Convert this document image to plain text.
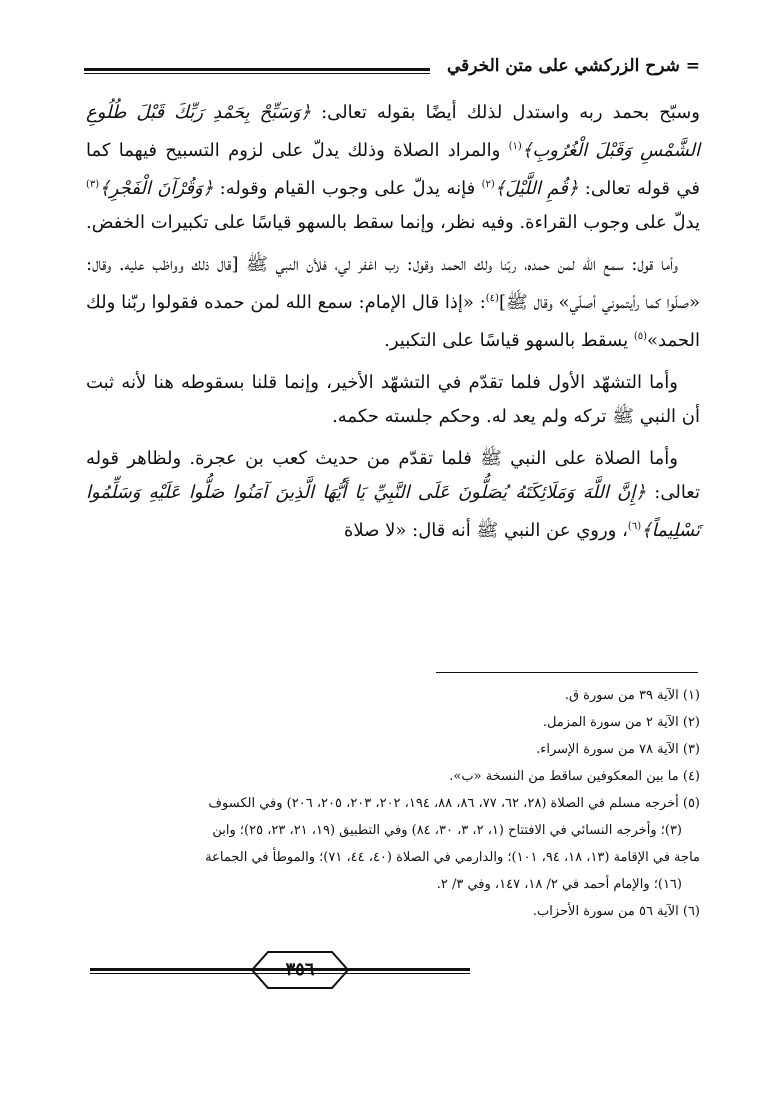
= شرح الزركشي على متن الخرقي

وسبّح بحمد ربه واستدل لذلك أيضًا بقوله تعالى: ﴿وَسَبِّحْ بِحَمْدِ رَبِّكَ قَبْلَ طُلُوعِ الشَّمْسِ وَقَبْلَ الْغُرُوبِ﴾$^{(١)}$ والمراد الصلاة وذلك يدلّ على لزوم التسبيح فيهما كما في قوله تعالى: ﴿قُمِ اللَّيْلَ﴾$^{(٢)}$ فإنه يدلّ على وجوب القيام وقوله: ﴿وَقُرْآنَ الْفَجْرِ﴾$^{(٣)}$ يدلّ على وجوب القراءة. وفيه نظر، وإنما سقط بالسهو قياسًا على تكبيرات الخفض.

وأما قول: سمع الله لمن حمده، ربّنا ولك الحمد وقول: رب اغفر لي، فلأن النبي ﷺ [قال ذلك وواظب عليه. وقال: «صلّوا كما رأيتموني أصلّي» وقال ﷺ]$^{(٤)}$: «إذا قال الإمام: سمع الله لمن حمده فقولوا ربّنا ولك الحمد»$^{(٥)}$ يسقط بالسهو قياسًا على التكبير.

وأما التشهّد الأول فلما تقدّم في التشهّد الأخير، وإنما قلنا بسقوطه هنا لأنه ثبت أن النبي ﷺ تركه ولم يعد له. وحكم جلسته حكمه.

وأما الصلاة على النبي ﷺ فلما تقدّم من حديث كعب بن عجرة. ولظاهر قوله تعالى: ﴿إِنَّ اللَّهَ وَمَلَائِكَتَهُ يُصَلُّونَ عَلَى النَّبِيِّ يَا أَيُّهَا الَّذِينَ آمَنُوا صَلُّوا عَلَيْهِ وَسَلِّمُوا تَسْلِيماً﴾$^{(٦)}$، وروي عن النبي ﷺ أنه قال: «لا صلاة

(١) الآية ٣٩ من سورة ق.

(٢) الآية ٢ من سورة المزمل.

(٣) الآية ٧٨ من سورة الإسراء.

(٤) ما بين المعكوفين ساقط من النسخة «ب».

(٥) أخرجه مسلم في الصلاة (٢٨، ٦٢، ٧٧، ٨٦، ٨٨، ١٩٤، ٢٠٢، ٢٠٣، ٢٠٥، ٢٠٦) وفي الكسوف

(٣)؛ وأخرجه النسائي في الافتتاح (١، ٢، ٣، ٣٠، ٨٤) وفي التطبيق (١٩، ٢١، ٢٣، ٢٥)؛ وابن

ماجة في الإقامة (١٣، ١٨، ٩٤، ١٠١)؛ والدارمي في الصلاة (٤٠، ٤٤، ٧١)؛ والموطأ في الجماعة

(١٦)؛ والإمام أحمد في ٢/ ١٨، ١٤٧، وفي ٣/ ٢.

(٦) الآية ٥٦ من سورة الأحزاب.

٣٥٦
